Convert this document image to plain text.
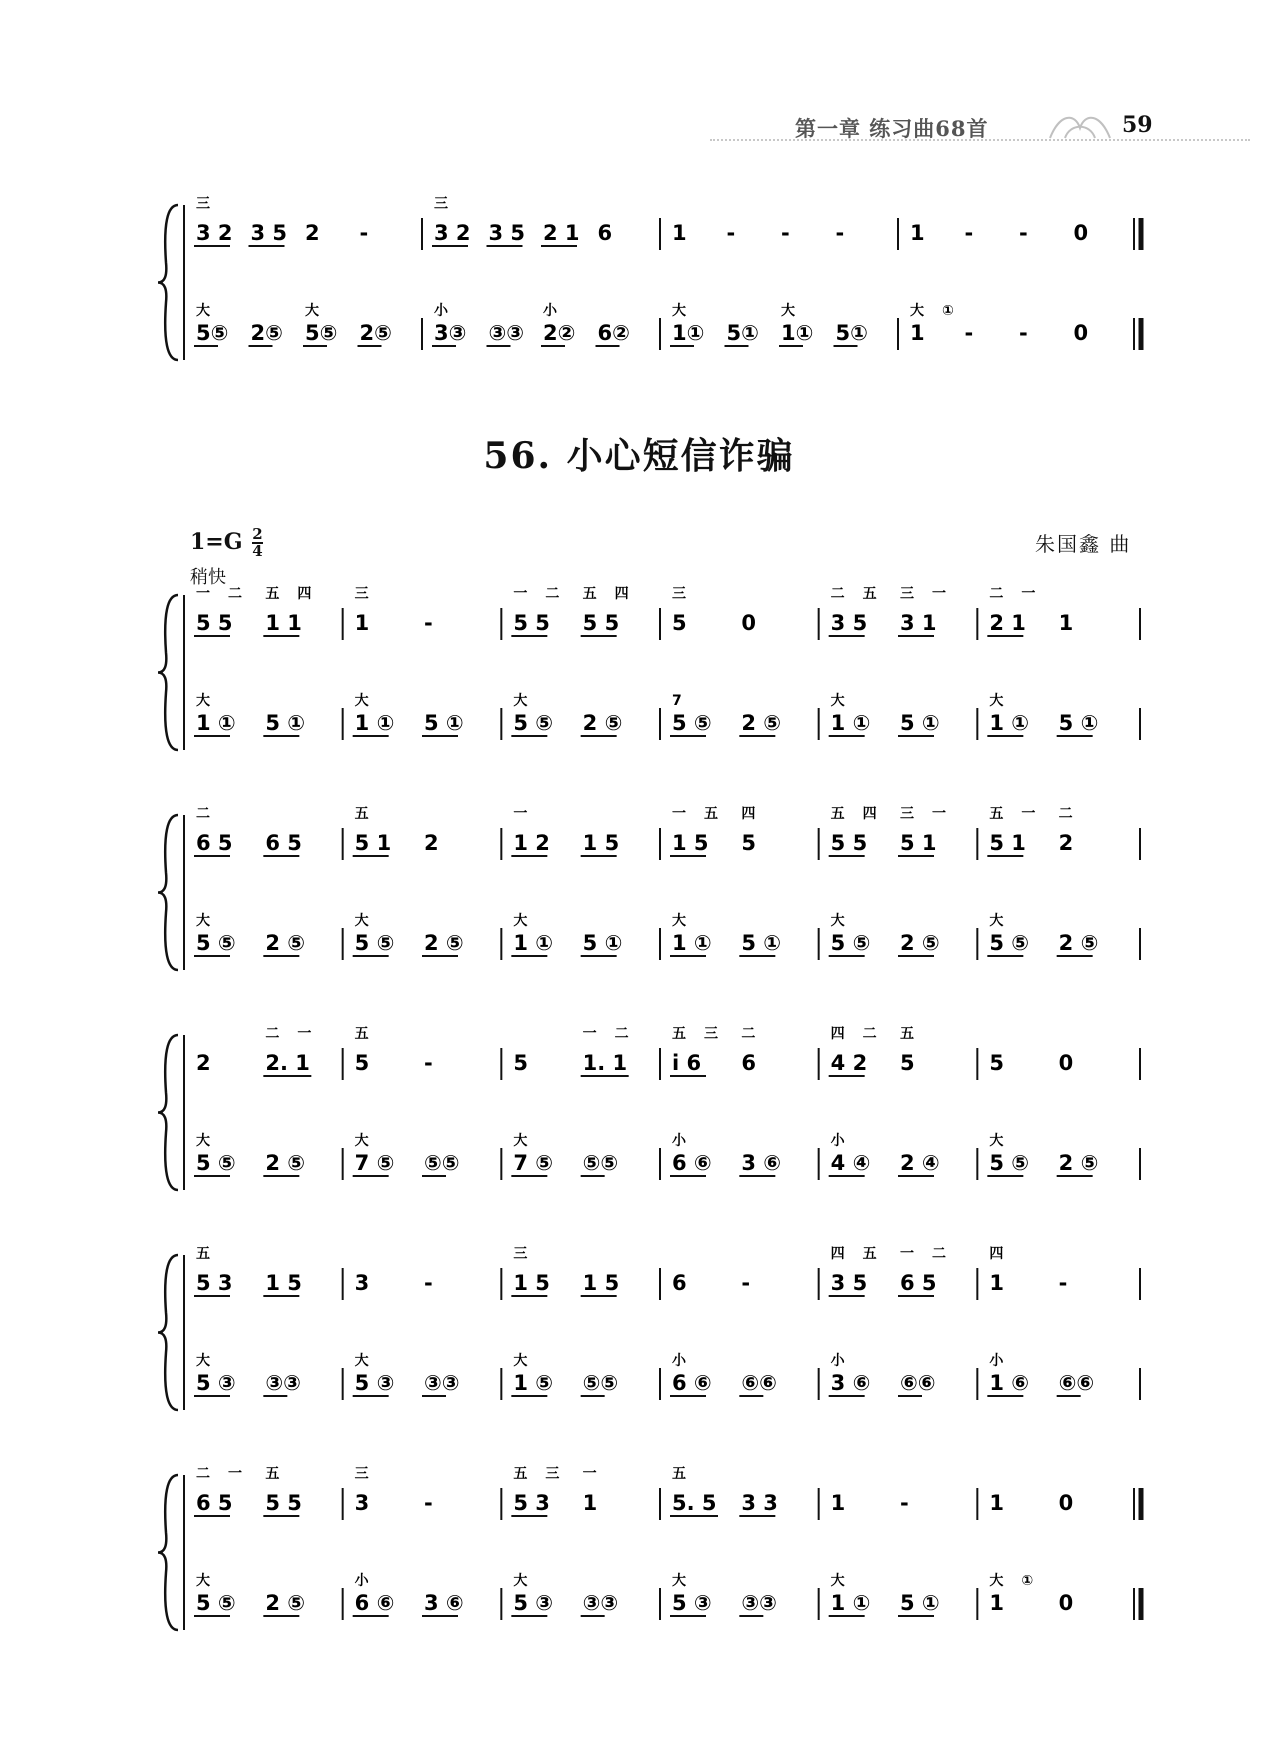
第一章 练习曲68首	59
56. 小心短信诈骗
$1=G \frac{2}{4}$
稍快
朱国鑫 曲
3 2 3 5 2 -
三
5⑤ 2⑤ 5⑤ 2⑤
大	大
3 2 3 5 2 1 6
三
3③ ③③ 2② 6②
小	小
1 - - -
1① 5① 1① 5①
大	大
1 - - 0
1 - - 0
大 ①
5 5 1 1
一 二 五 四
1 ① 5 ①
大
1	-
三
1 ① 5 ①
大
5 5 5 5
一 二 五 四
5 ⑤ 2 ⑤
大
5	0
三
5 ⑤ 2 ⑤
7
3 5 3 1
二 五 三 一
1 ① 5 ①
大
2 1 1
二 一
1 ① 5 ①
大
6 5 6 5
二
5 ⑤ 2 ⑤
大
5 1 2
五
5 ⑤ 2 ⑤
大
1 2 1 5
一
1 ① 5 ①
大
1 5 5
一 五 四
1 ① 5 ①
大
5 5 5 1
五 四 三 一
5 ⑤ 2 ⑤
大
5 1 2
五 一 二
5 ⑤ 2 ⑤
大
2	2. 1
二 一
5 ⑤ 2 ⑤
大
5	-
五
7 ⑤ ⑤⑤
大
5	1. 1
一 二
7 ⑤ ⑤⑤
大
i 6 6
五 三 二
6 ⑥ 3 ⑥
小
4 2 5
四 二 五
4 ④ 2 ④
小
5	0
5 ⑤ 2 ⑤
大
5 3 1 5
五
5 ③ ③③
大
3	-
5 ③ ③③
大
1 5 1 5
三
1 ⑤ ⑤⑤
大
6	-
6 ⑥ ⑥⑥
小
3 5 6 5
四 五 一 二
3 ⑥ ⑥⑥
小
1	-
四
1 ⑥ ⑥⑥
小
6 5 5 5
二 一 五
5 ⑤ 2 ⑤
大
3	-
三
6 ⑥ 3 ⑥
小
5 3 1
五 三 一
5 ③ ③③
大
5. 5 3 3
五
5 ③ ③③
大
1	-
1 ① 5 ①
大
1	0
1	0
大 ①
